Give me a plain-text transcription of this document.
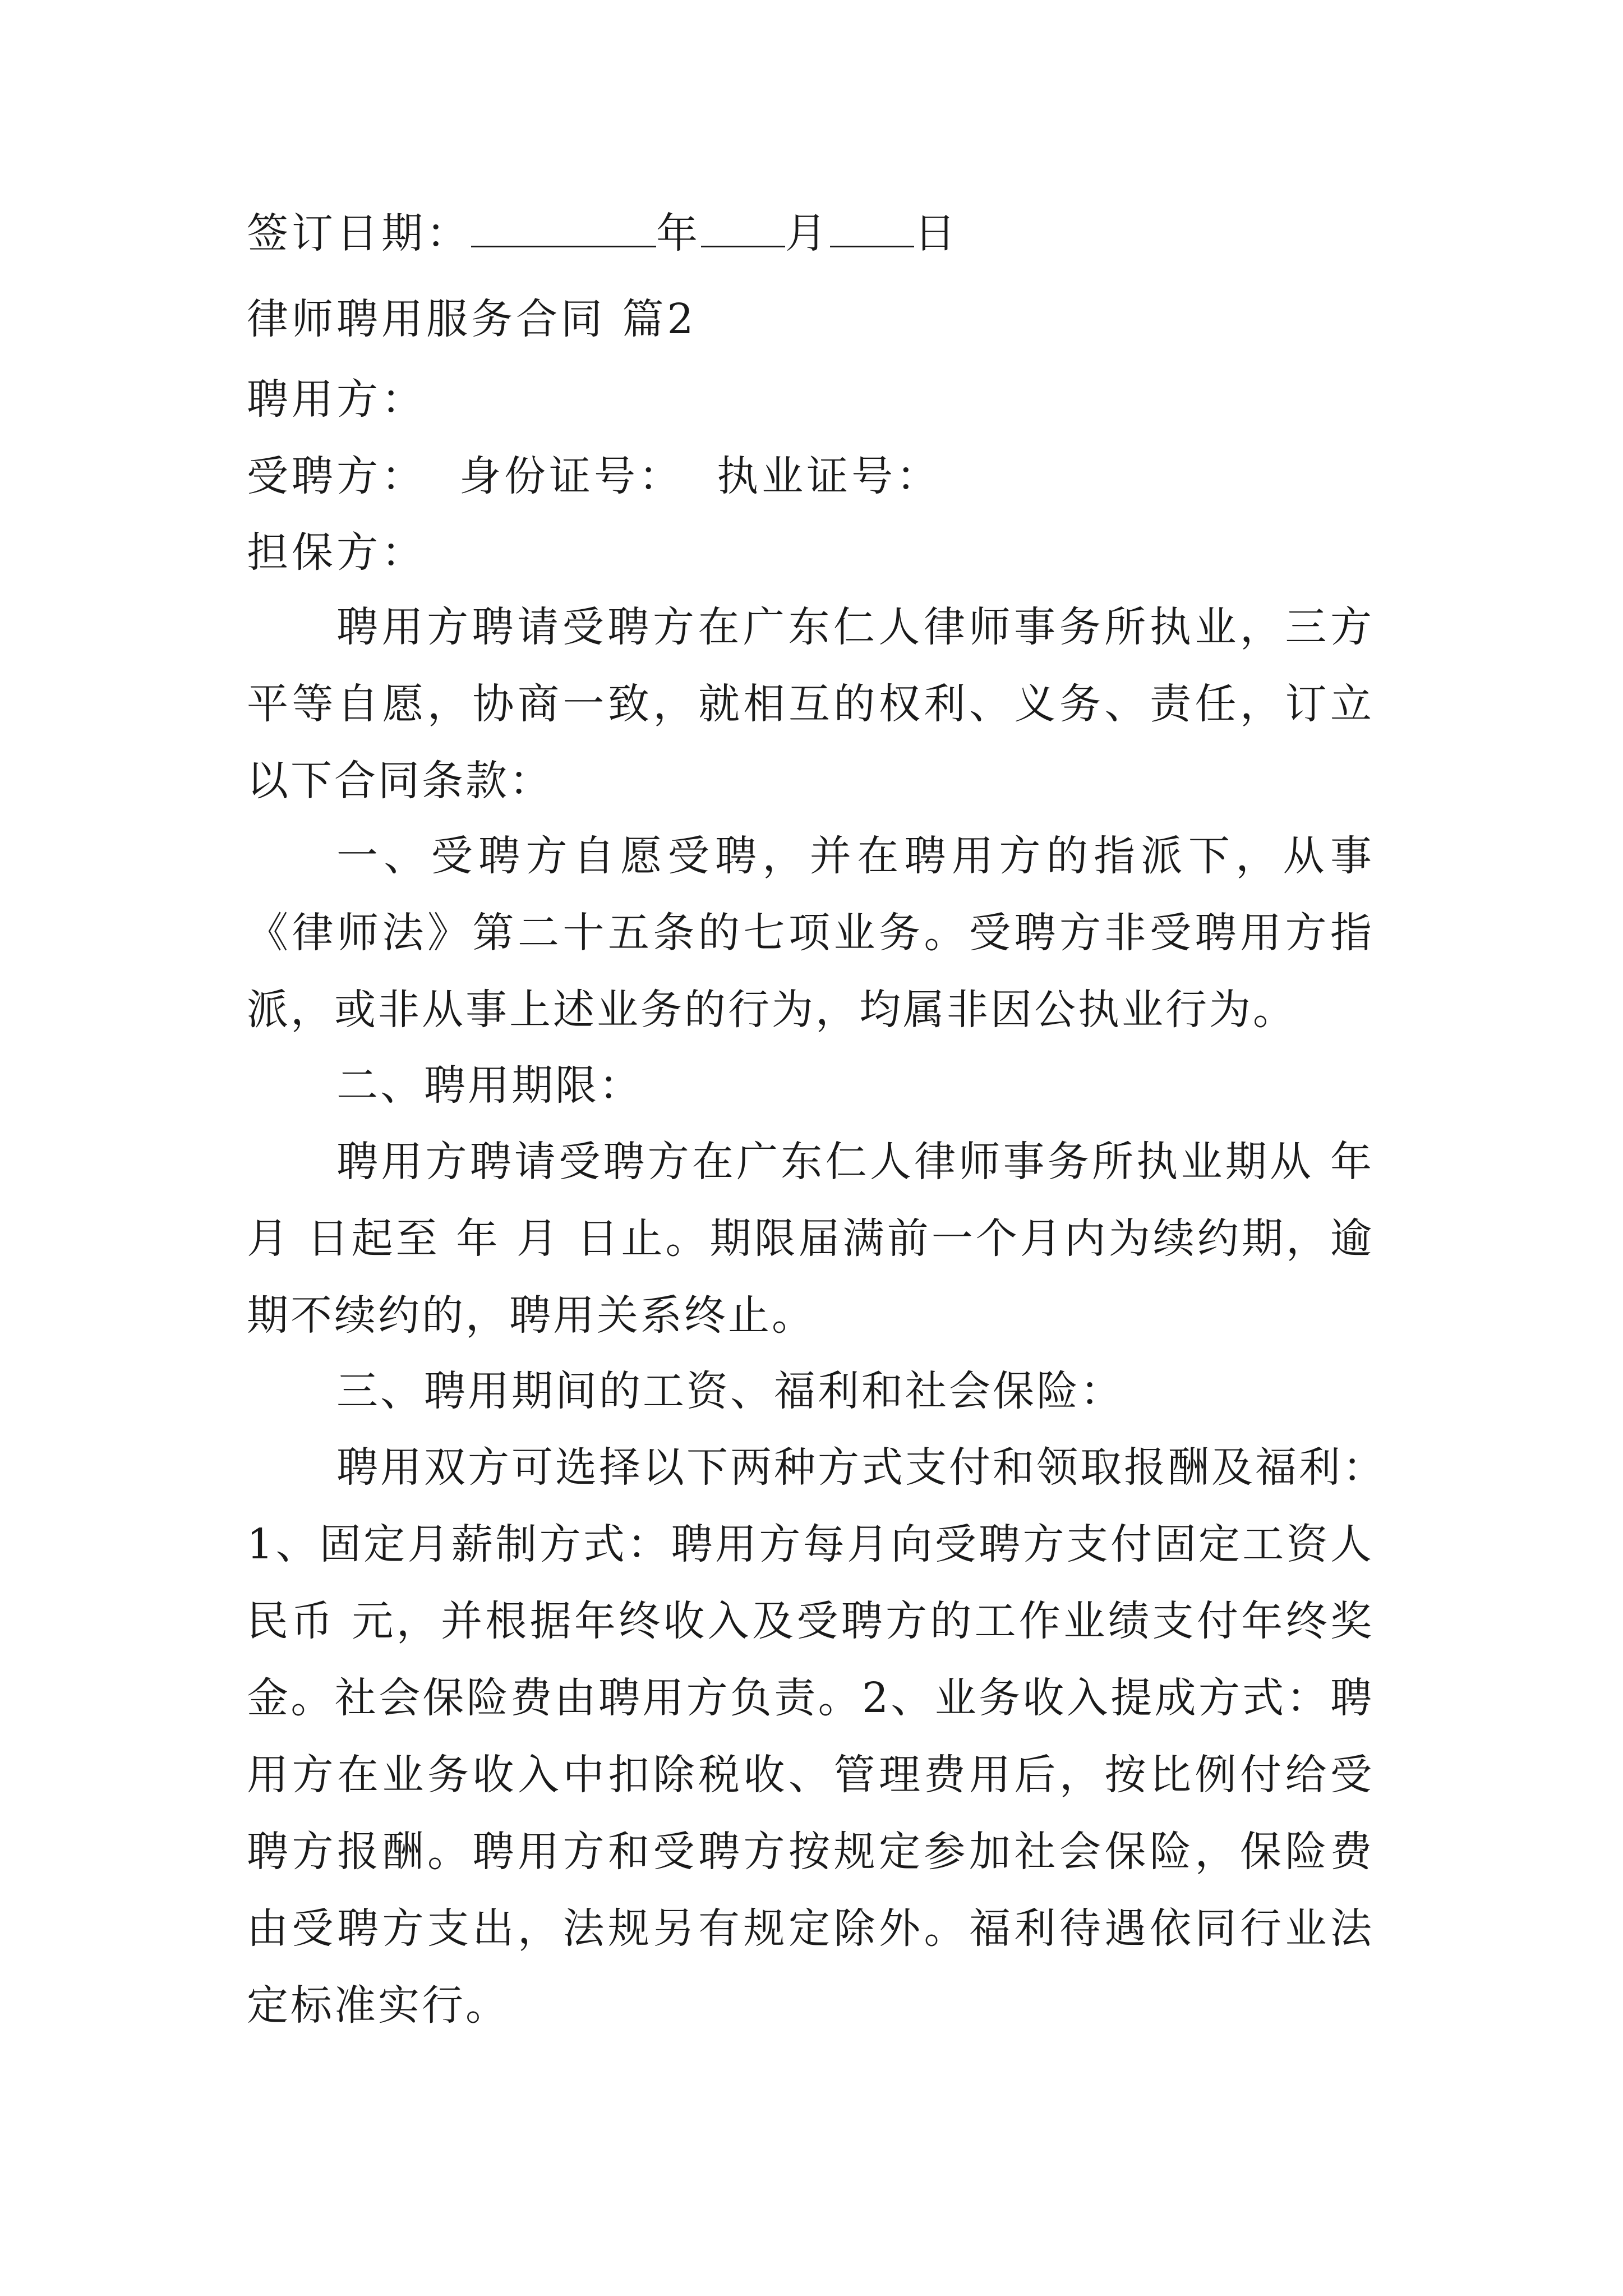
签订日期：	年 月 日
律师聘用服务合同 篇2
聘用方：
受聘方：  身份证号：  执业证号：
担保方：
聘用方聘请受聘方在广东仁人律师事务所执业，三方平等自愿，协商一致，就相互的权利、义务、责任，订立以下合同条款：
一、受聘方自愿受聘，并在聘用方的指派下，从事《律师法》第二十五条的七项业务。受聘方非受聘用方指派，或非从事上述业务的行为，均属非因公执业行为。
二、聘用期限：
聘用方聘请受聘方在广东仁人律师事务所执业期从 年 月 日起至 年 月 日止。期限届满前一个月内为续约期，逾期不续约的，聘用关系终止。
三、聘用期间的工资、福利和社会保险：
聘用双方可选择以下两种方式支付和领取报酬及福利：
1、固定月薪制方式：聘用方每月向受聘方支付固定工资人民币 元，并根据年终收入及受聘方的工作业绩支付年终奖金。社会保险费由聘用方负责。2、业务收入提成方式：聘用方在业务收入中扣除税收、管理费用后，按比例付给受聘方报酬。聘用方和受聘方按规定参加社会保险，保险费由受聘方支出，法规另有规定除外。福利待遇依同行业法定标准实行。
